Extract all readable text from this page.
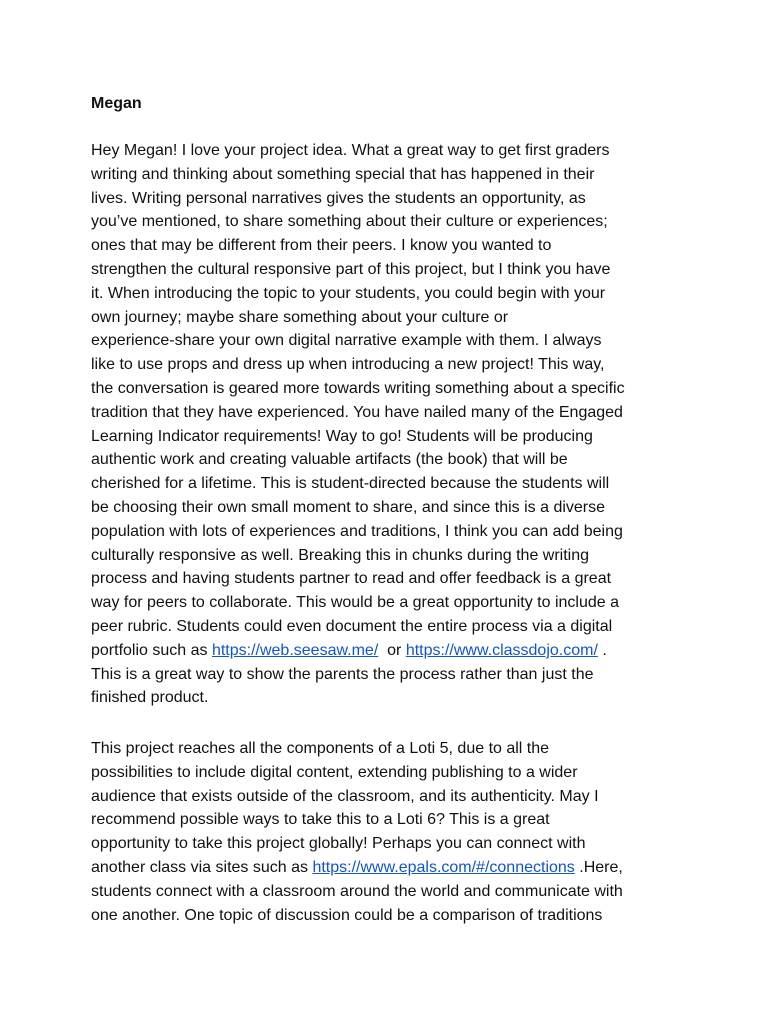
Megan

Hey Megan! I love your project idea. What a great way to get first graders
writing and thinking about something special that has happened in their
lives. Writing personal narratives gives the students an opportunity, as
you’ve mentioned, to share something about their culture or experiences;
ones that may be different from their peers. I know you wanted to
strengthen the cultural responsive part of this project, but I think you have
it. When introducing the topic to your students, you could begin with your
own journey; maybe share something about your culture or
experience-share your own digital narrative example with them. I always
like to use props and dress up when introducing a new project! This way,
the conversation is geared more towards writing something about a specific
tradition that they have experienced. You have nailed many of the Engaged
Learning Indicator requirements! Way to go! Students will be producing
authentic work and creating valuable artifacts (the book) that will be
cherished for a lifetime. This is student-directed because the students will
be choosing their own small moment to share, and since this is a diverse
population with lots of experiences and traditions, I think you can add being
culturally responsive as well. Breaking this in chunks during the writing
process and having students partner to read and offer feedback is a great
way for peers to collaborate. This would be a great opportunity to include a
peer rubric. Students could even document the entire process via a digital
portfolio such as https://web.seesaw.me/  or https://www.classdojo.com/ .
This is a great way to show the parents the process rather than just the
finished product.

This project reaches all the components of a Loti 5, due to all the
possibilities to include digital content, extending publishing to a wider
audience that exists outside of the classroom, and its authenticity. May I
recommend possible ways to take this to a Loti 6? This is a great
opportunity to take this project globally! Perhaps you can connect with
another class via sites such as https://www.epals.com/#/connections .Here,
students connect with a classroom around the world and communicate with
one another. One topic of discussion could be a comparison of traditions
